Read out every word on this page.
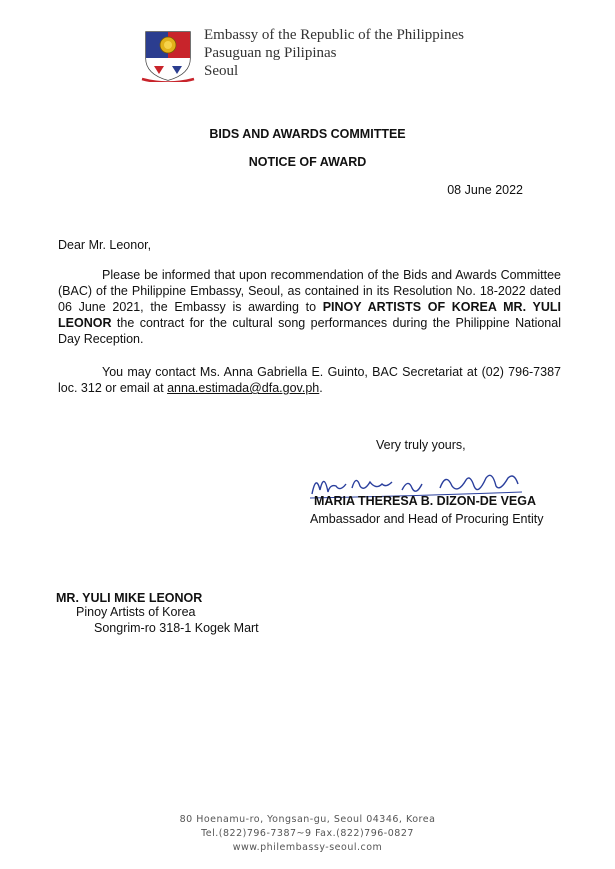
Embassy of the Republic of the Philippines
Pasuguan ng Pilipinas
Seoul
BIDS AND AWARDS COMMITTEE
NOTICE OF AWARD
08 June 2022
Dear Mr. Leonor,
Please be informed that upon recommendation of the Bids and Awards Committee (BAC) of the Philippine Embassy, Seoul, as contained in its Resolution No. 18-2022 dated 06 June 2021, the Embassy is awarding to PINOY ARTISTS OF KOREA MR. YULI LEONOR the contract for the cultural song performances during the Philippine National Day Reception.
You may contact Ms. Anna Gabriella E. Guinto, BAC Secretariat at (02) 796-7387 loc. 312 or email at anna.estimada@dfa.gov.ph.
Very truly yours,
MARIA THERESA B. DIZON-DE VEGA
Ambassador and Head of Procuring Entity
MR. YULI MIKE LEONOR
Pinoy Artists of Korea
Songrim-ro 318-1 Kogek Mart
80 Hoenamu-ro, Yongsan-gu, Seoul 04346, Korea
Tel.(822)796-7387~9 Fax.(822)796-0827
www.philembassy-seoul.com
